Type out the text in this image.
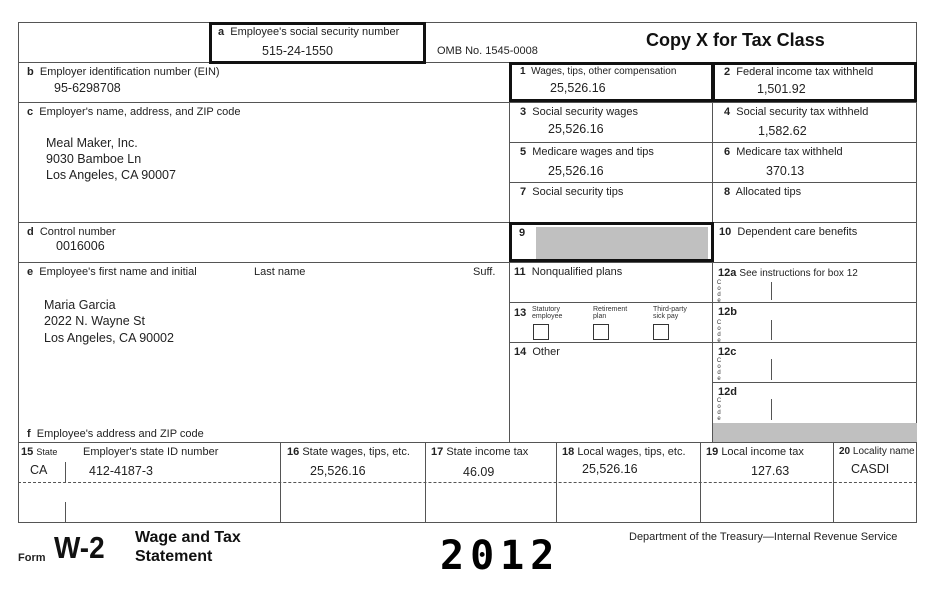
a Employee's social security number
515-24-1550	OMB No. 1545-0008
Copy X for Tax Class
b Employer identification number (EIN)
95-6298708
1 Wages, tips, other compensation
25,526.16
2 Federal income tax withheld
1,501.92
c Employer's name, address, and ZIP code
Meal Maker, Inc.
9030 Bamboe Ln
Los Angeles, CA 90007
3 Social security wages
25,526.16
4 Social security tax withheld
1,582.62
5 Medicare wages and tips
25,526.16
6 Medicare tax withheld
370.13
7 Social security tips	8 Allocated tips
d Control number
0016006
9	10 Dependent care benefits
e Employee's first name and initial	Last name	Suff.
Maria Garcia
2022 N. Wayne St
Los Angeles, CA 90002
f Employee's address and ZIP code
11 Nonqualified plans	12a See instructions for box 12
C
o
d
e
13 Statutory employee
Retirement plan
Third-party sick pay	12b
C
o
d
e
14 Other	12c
C
o
d
e
12d
C
o
d
e
15 State Employer's state ID number
CA	412-4187-3
16 State wages, tips, etc.
25,526.16
17 State income tax
46.09
18 Local wages, tips, etc.
25,526.16
19 Local income tax
127.63
20 Locality name
CASDI
Form W-2 Wage and Tax
Statement	2012	Department of the Treasury—Internal Revenue Service
